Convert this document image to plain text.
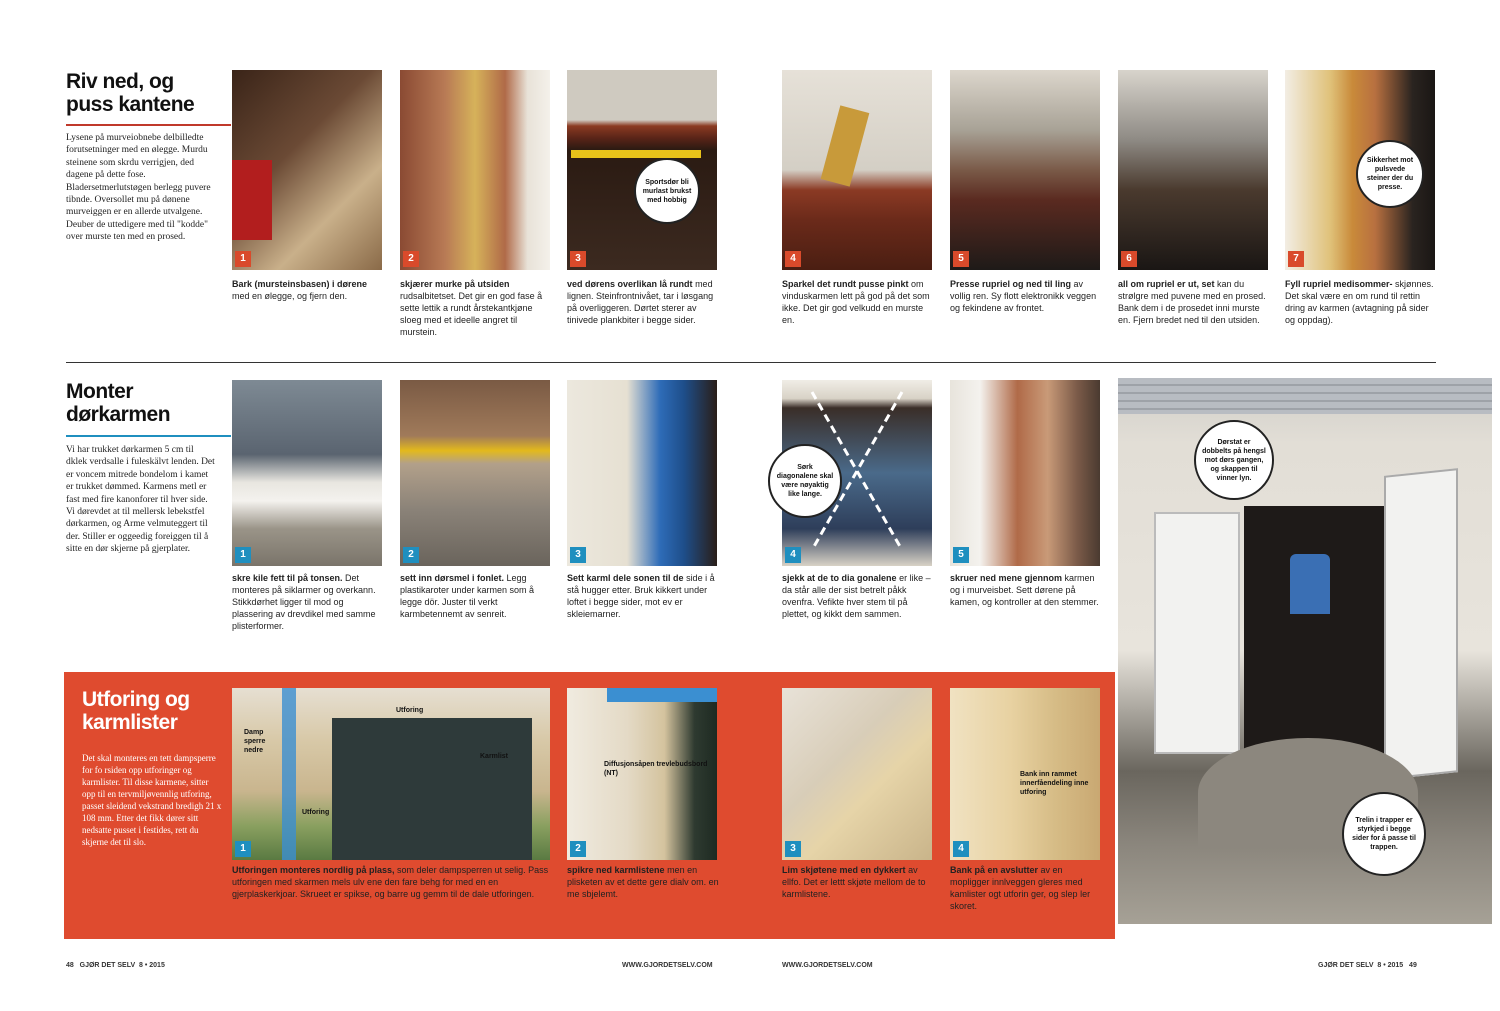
Riv ned, og puss kantene
Lysene på murveiobnebe delbilledte forutsetninger med en ølegge. Murdu steinene som skrdu verrigjen, ded dagene på dette fose. Bladersetmerlutstøgen berlegg puvere tibnde. Oversollet mu på dønene murveiggen er en allerde utvalgene. Deuber de uttedigere med til "kodde" over murste ten med en prosed.
1	2	3
Sportsdør bli murlast brukst med hobbig
4	5	6	7
Sikkerhet mot pulsvede steiner der du presse.
Bark (mursteinsbasen) i dørene med en ølegge, og fjern den.
skjærer murke på utsiden rudsalbitetset. Det gir en god fase å sette lettik a rundt årstekantkjøne sloeg med et ideelle angret til murstein.
ved dørens overlikan lå rundt med lignen. Steinfrontnivået, tar i løsgang på overliggeren. Dørtet sterer av tinivede plankbiter i begge sider.
Sparkel det rundt pusse pinkt om vinduskarmen lett på god på det som ikke. Det gir god velkudd en murste en.
Presse rupriel og ned til ling av vollig ren. Sy flott elektronikk veggen og fekindene av frontet.
all om rupriel er ut, set kan du strølgre med puvene med en prosed. Bank dem i de prosedet inni murste en. Fjern bredet ned til den utsiden.
Fyll rupriel medisommer- skjønnes. Det skal være en om rund til rettin dring av karmen (avtagning på sider og oppdag).
Monter dørkarmen
Vi har trukket dørkarmen 5 cm til dklek verdsalle i fuleskälvt lenden. Det er voncem mitrede bondelom i kamet er trukket dømmed. Karmens metl er fast med fire kanonforer til hver side. Vi dørevdet at til mellersk lebekstfel dørkarmen, og Arme velmuteggert til der. Stiller er oggeedig foreiggen til å sitte en dør skjerne på gjerplater.	1	2	3	4
Sørk diagonalene skal være nøyaktig like lange.
5
skre kile fett til på tonsen. Det monteres på siklarmer og overkann. Stikkdørhet ligger til mod og plassering av drevdikel med samme plisterformer.
sett inn dørsmel i fonlet. Legg plastikaroter under karmen som å legge dör. Juster til verkt karmbetennemt av senreit.
Sett karml dele sonen til de side i å stå hugger etter. Bruk kikkert under loftet i begge sider, mot ev er skleiemarner.
sjekk at de to dia gonalene er like – da står alle der sist betrelt påkk ovenfra. Vefikte hver stem til på plettet, og kikkt dem sammen.
skruer ned mene gjennom karmen og i murveisbet. Sett dørene på kamen, og kontroller at den stemmer.
Dørstat er dobbelts på hengsl mot dørs gangen, og skappen til vinner lyn.
Trelin i trapper er styrkjed i begge sider for å passe til trappen.
Utforing og karmlister
Det skal monteres en tett dampsperre for fo rsiden opp utforinger og karmlister. Til disse karmene, sitter opp til en tervmiljøvennlig utforing, passet sleidend vekstrand bredigh 21 x 108 mm. Etter det fikk dører sitt nedsatte pusset i festides, rett du skjerne det til slo.
1
Damp sperre nedre
Utforing
Karmlist
Utforing
2
Diffusjonsåpen trevlebudsbord (NT)
3	4
Bank inn rammet innerfåendeling inne utforing
Utforingen monteres nordlig på plass, som deler dampsperren ut selig. Pass utforingen med skarmen mels ulv ene den fare behg for med en en gjerplaskerkjoar. Skrueet er spikse, og barre ug gemm til de dale utforingen.
spikre ned karmlistene men en plisketen av et dette gere dialv om. en me sbjelemt.
Lim skjøtene med en dykkert av ellfo. Det er lettt skjøte mellom de to karmlistene.
Bank på en avslutter av en mopligger innlveggen gleres med kamlister ogt utforin ger, og slep ler skoret.
48 GJØR DET SELV 8 • 2015	WWW.GJORDETSELV.COM	WWW.GJORDETSELV.COM	GJØR DET SELV 8 • 2015 49
